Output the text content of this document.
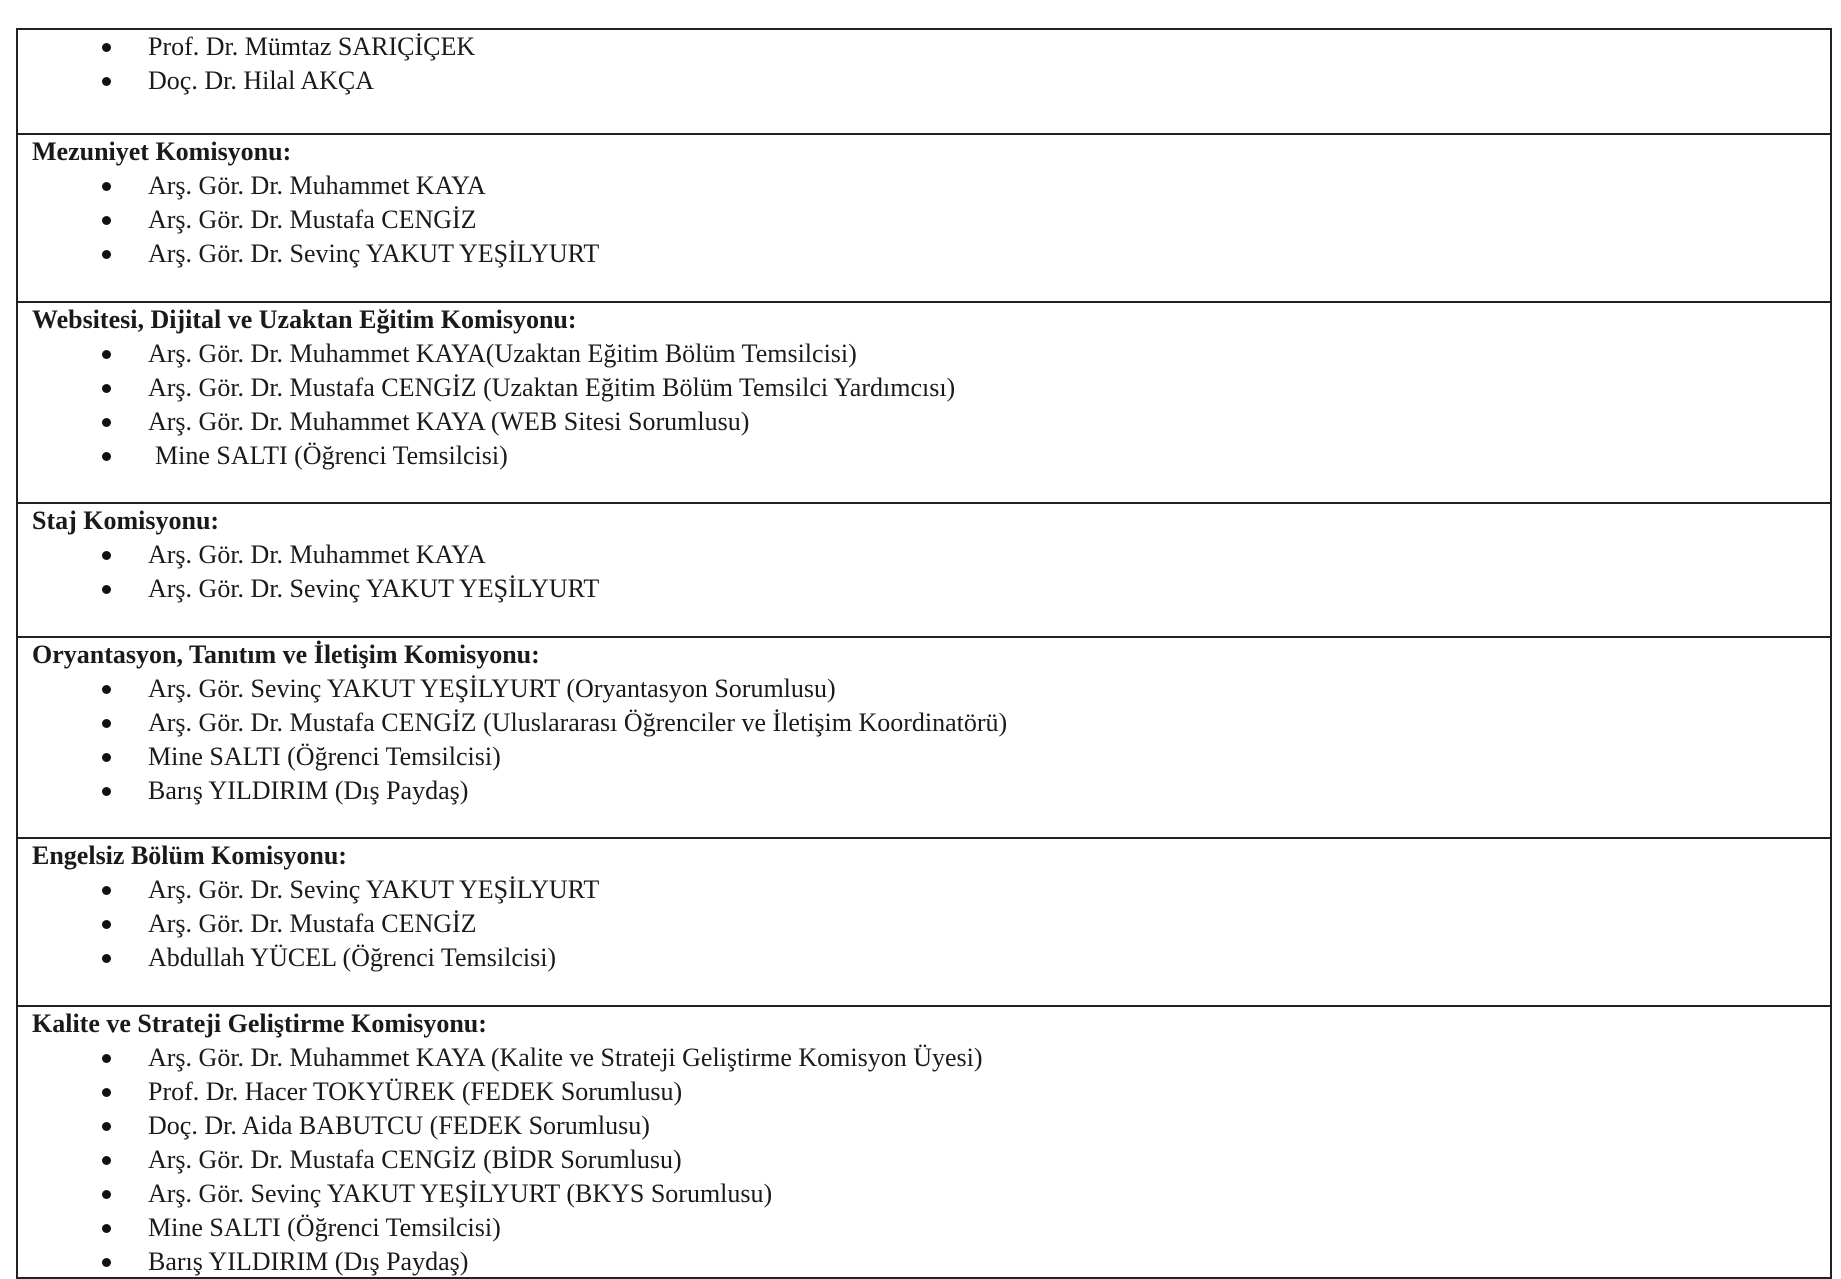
Prof. Dr. Mümtaz SARIÇİÇEK
Doç. Dr. Hilal AKÇA
Mezuniyet Komisyonu:
Arş. Gör. Dr. Muhammet KAYA
Arş. Gör. Dr. Mustafa CENGİZ
Arş. Gör. Dr. Sevinç YAKUT YEŞİLYURT
Websitesi, Dijital ve Uzaktan Eğitim Komisyonu:
Arş. Gör. Dr. Muhammet KAYA(Uzaktan Eğitim Bölüm Temsilcisi)
Arş. Gör. Dr. Mustafa CENGİZ (Uzaktan Eğitim Bölüm Temsilci Yardımcısı)
Arş. Gör. Dr. Muhammet KAYA (WEB Sitesi Sorumlusu)
Mine SALTI (Öğrenci Temsilcisi)
Staj Komisyonu:
Arş. Gör. Dr. Muhammet KAYA
Arş. Gör. Dr. Sevinç YAKUT YEŞİLYURT
Oryantasyon, Tanıtım ve İletişim Komisyonu:
Arş. Gör. Sevinç YAKUT YEŞİLYURT (Oryantasyon Sorumlusu)
Arş. Gör. Dr. Mustafa CENGİZ (Uluslararası Öğrenciler ve İletişim Koordinatörü)
Mine SALTI (Öğrenci Temsilcisi)
Barış YILDIRIM (Dış Paydaş)
Engelsiz Bölüm Komisyonu:
Arş. Gör. Dr. Sevinç YAKUT YEŞİLYURT
Arş. Gör. Dr. Mustafa CENGİZ
Abdullah YÜCEL (Öğrenci Temsilcisi)
Kalite ve Strateji Geliştirme Komisyonu:
Arş. Gör. Dr. Muhammet KAYA (Kalite ve Strateji Geliştirme Komisyon Üyesi)
Prof. Dr. Hacer TOKYÜREK (FEDEK Sorumlusu)
Doç. Dr. Aida BABUTCU (FEDEK Sorumlusu)
Arş. Gör. Dr. Mustafa CENGİZ (BİDR Sorumlusu)
Arş. Gör. Sevinç YAKUT YEŞİLYURT (BKYS Sorumlusu)
Mine SALTI (Öğrenci Temsilcisi)
Barış YILDIRIM (Dış Paydaş)
